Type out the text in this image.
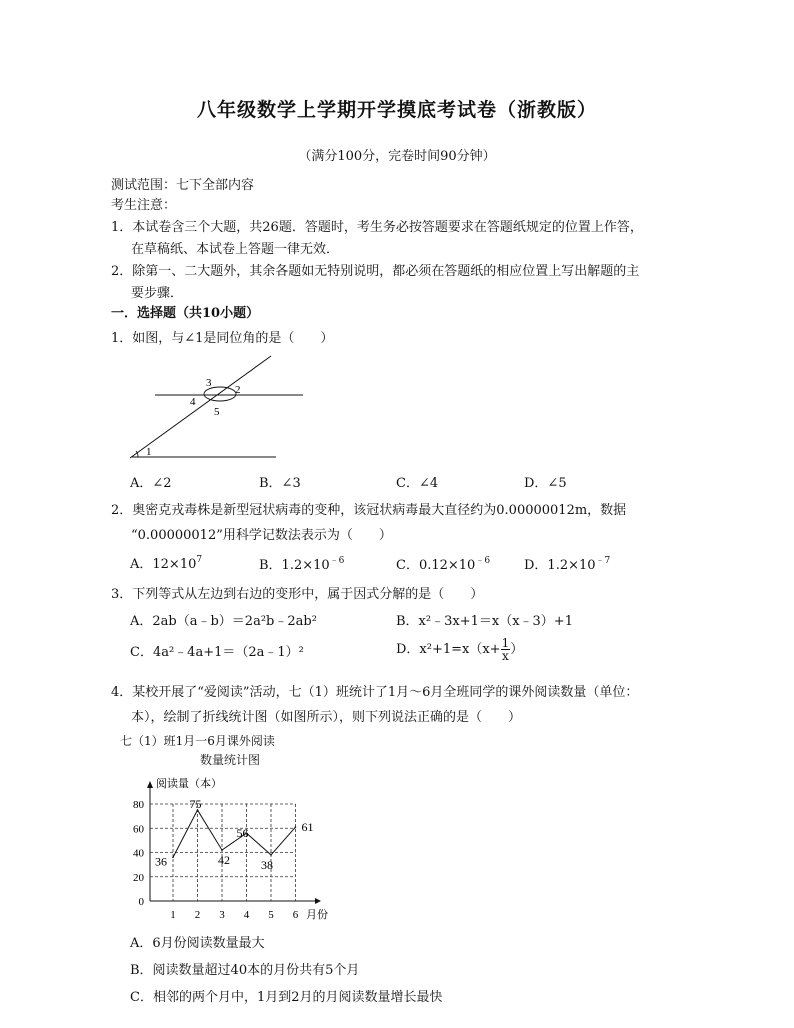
八年级数学上学期开学摸底考试卷（浙教版）
（满分100分，完卷时间90分钟）
测试范围：七下全部内容
考生注意：
1．本试卷含三个大题，共26题．答题时，考生务必按答题要求在答题纸规定的位置上作答，
在草稿纸、本试卷上答题一律无效．
2．除第一、二大题外，其余各题如无特别说明，都必须在答题纸的相应位置上写出解题的主
要步骤．
一．选择题（共10小题）
1．如图，与∠1是同位角的是（　　）
1
2
3
4
5
A．∠2	B．∠3	C．∠4	D．∠5
2．奥密克戎毒株是新型冠状病毒的变种，该冠状病毒最大直径约为0.00000012m，数据
“0.00000012”用科学记数法表示为（　　）
A．$12\times 10^7$	B．$1.2\times 10^{﹣6}$	C．$0.12\times 10^{﹣6}$	D．$1.2\times 10^{﹣7}$
3．下列等式从左边到右边的变形中，属于因式分解的是（　　）
A．2ab（a﹣b）＝2a²b﹣2ab²	B．x²﹣3x+1＝x（x﹣3）+1
C．4a²﹣4a+1＝（2a﹣1）²	D．$x^2+1=x(x+ \frac{1}{x}$ ）
4．某校开展了“爱阅读”活动，七（1）班统计了1月～6月全班同学的课外阅读数量（单位：
本），绘制了折线统计图（如图所示），则下列说法正确的是（　　）
七（1）班1月一6月课外阅读
数量统计图
0
20
40
60
80
1 2 3 4 5 6
阅读量（本）
月份
36
75
42
56
38
61
A．6月份阅读数量最大
B．阅读数量超过40本的月份共有5个月
C．相邻的两个月中，1月到2月的月阅读数量增长最快
